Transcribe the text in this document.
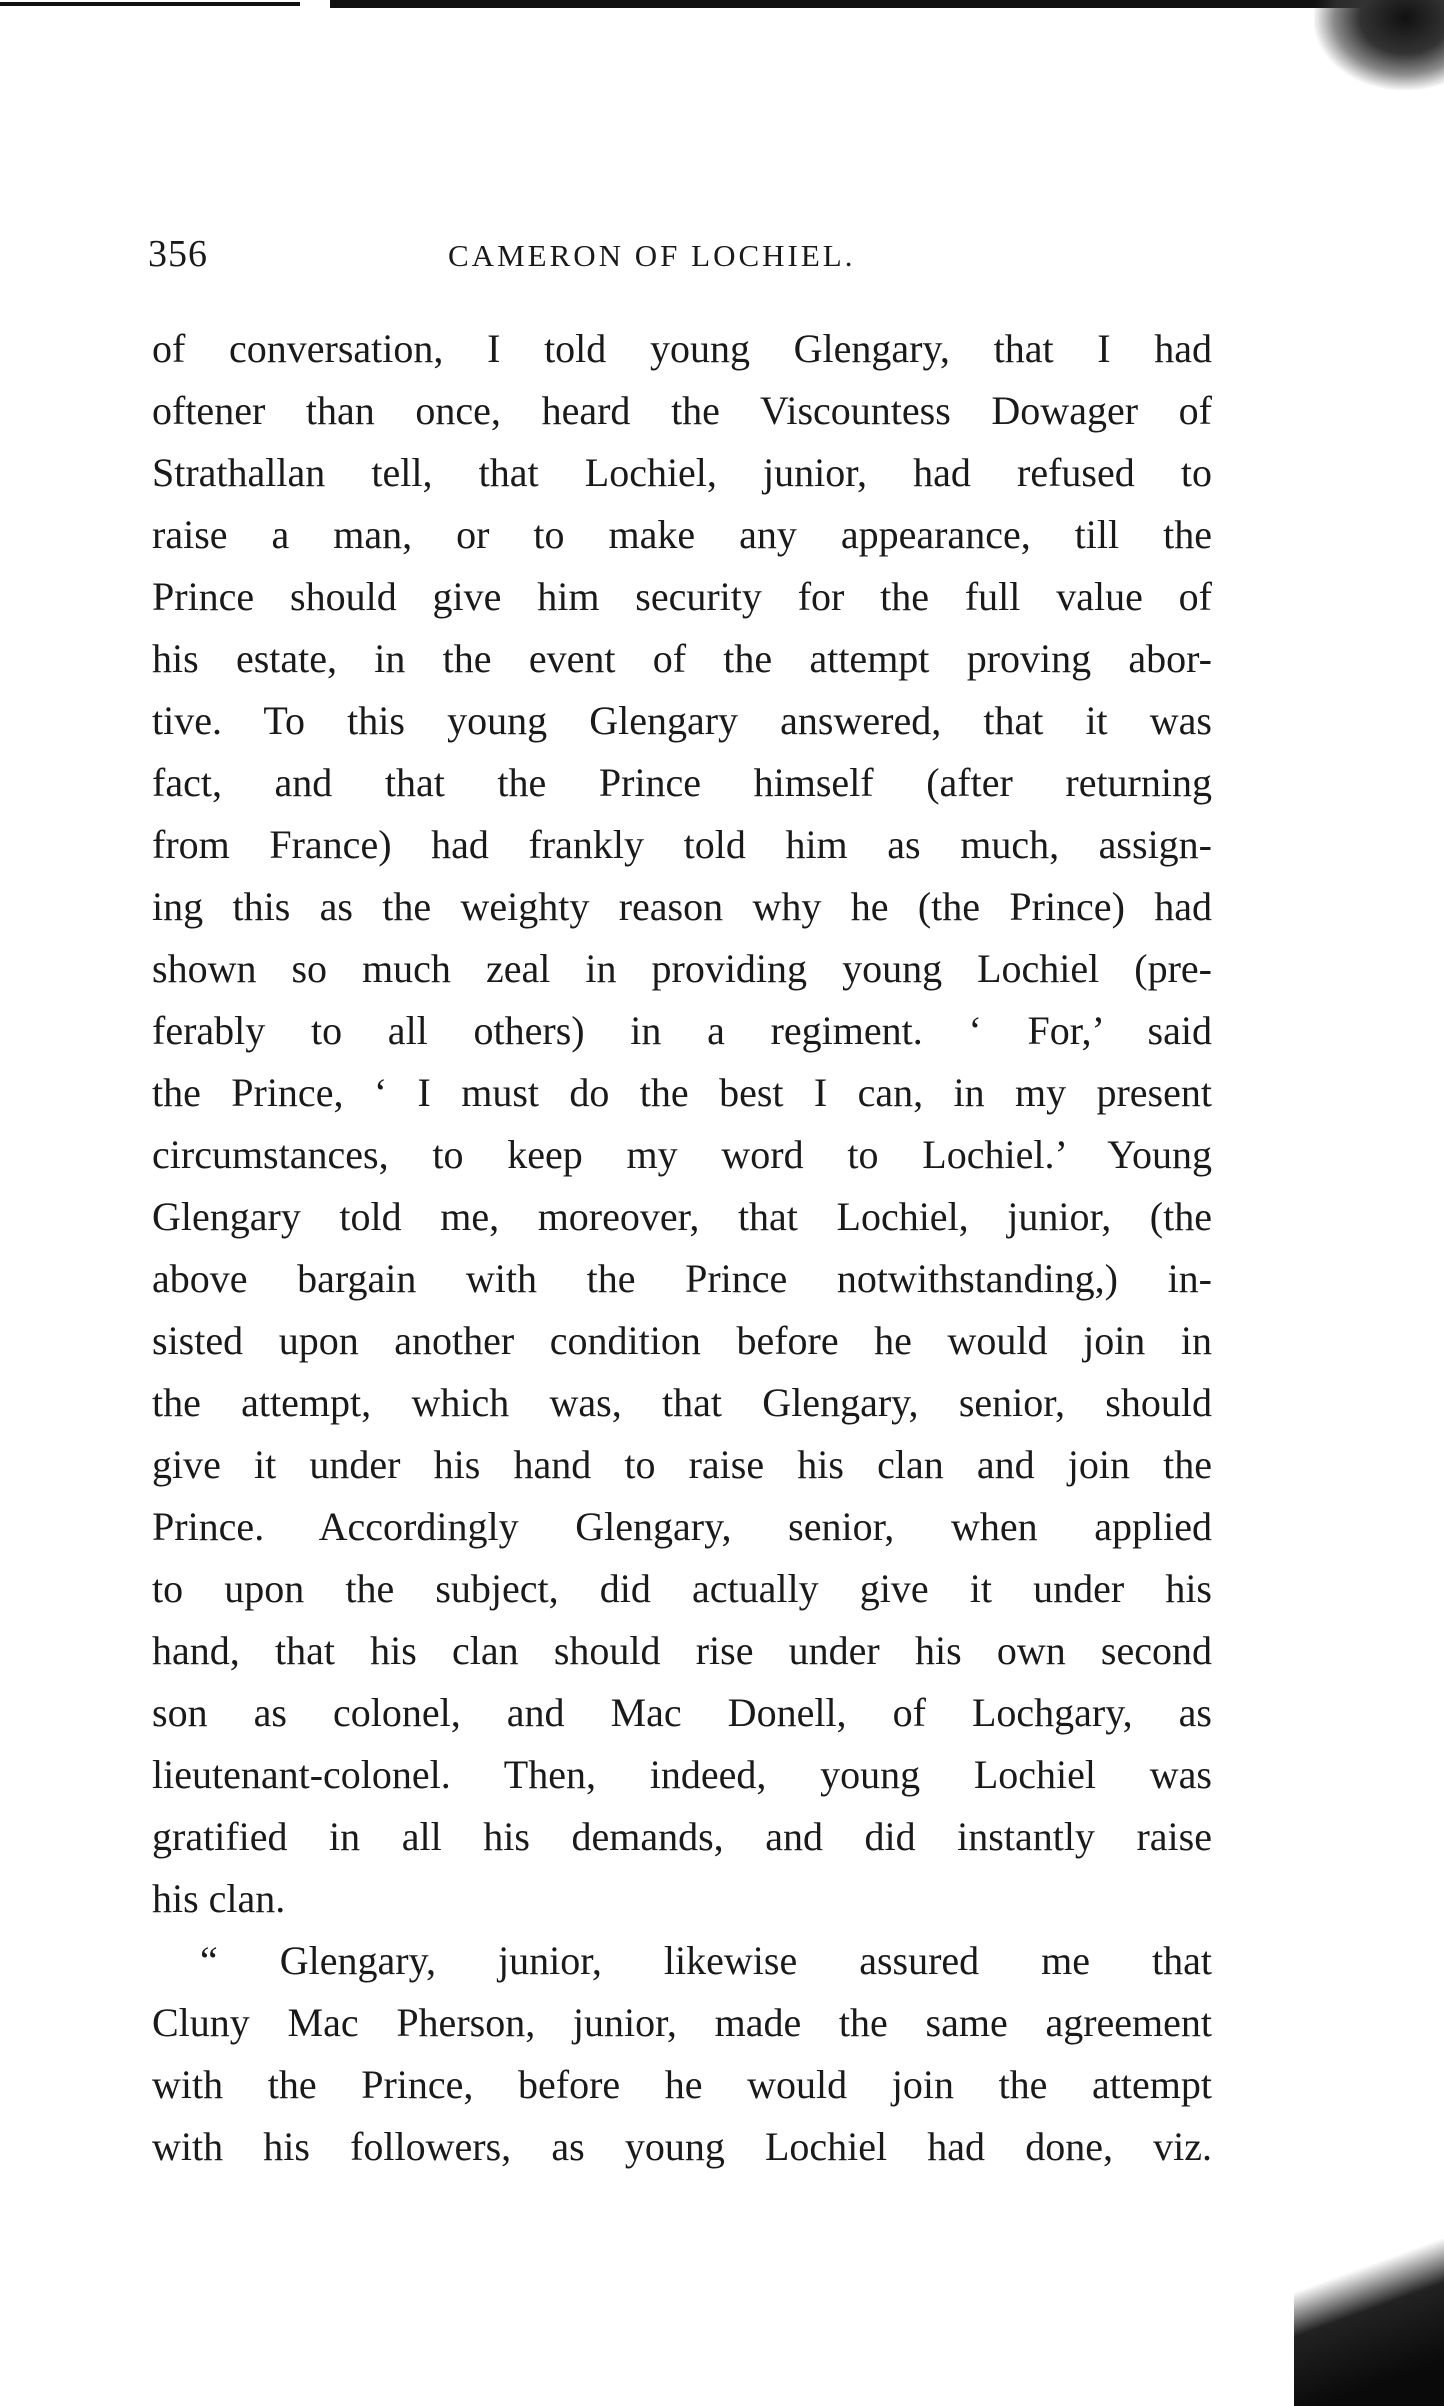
356	CAMERON OF LOCHIEL.
of conversation, I told young Glengary, that I had
oftener than once, heard the Viscountess Dowager of
Strathallan tell, that Lochiel, junior, had refused to
raise a man, or to make any appearance, till the
Prince should give him security for the full value of
his estate, in the event of the attempt proving abor-
tive. To this young Glengary answered, that it was
fact, and that the Prince himself (after returning
from France) had frankly told him as much, assign-
ing this as the weighty reason why he (the Prince) had
shown so much zeal in providing young Lochiel (pre-
ferably to all others) in a regiment. ‘ For,’ said
the Prince, ‘ I must do the best I can, in my present
circumstances, to keep my word to Lochiel.’ Young
Glengary told me, moreover, that Lochiel, junior, (the
above bargain with the Prince notwithstanding,) in-
sisted upon another condition before he would join in
the attempt, which was, that Glengary, senior, should
give it under his hand to raise his clan and join the
Prince. Accordingly Glengary, senior, when applied
to upon the subject, did actually give it under his
hand, that his clan should rise under his own second
son as colonel, and Mac Donell, of Lochgary, as
lieutenant-colonel. Then, indeed, young Lochiel was
gratified in all his demands, and did instantly raise
his clan.
“ Glengary, junior, likewise assured me that
Cluny Mac Pherson, junior, made the same agreement
with the Prince, before he would join the attempt
with his followers, as young Lochiel had done, viz.
